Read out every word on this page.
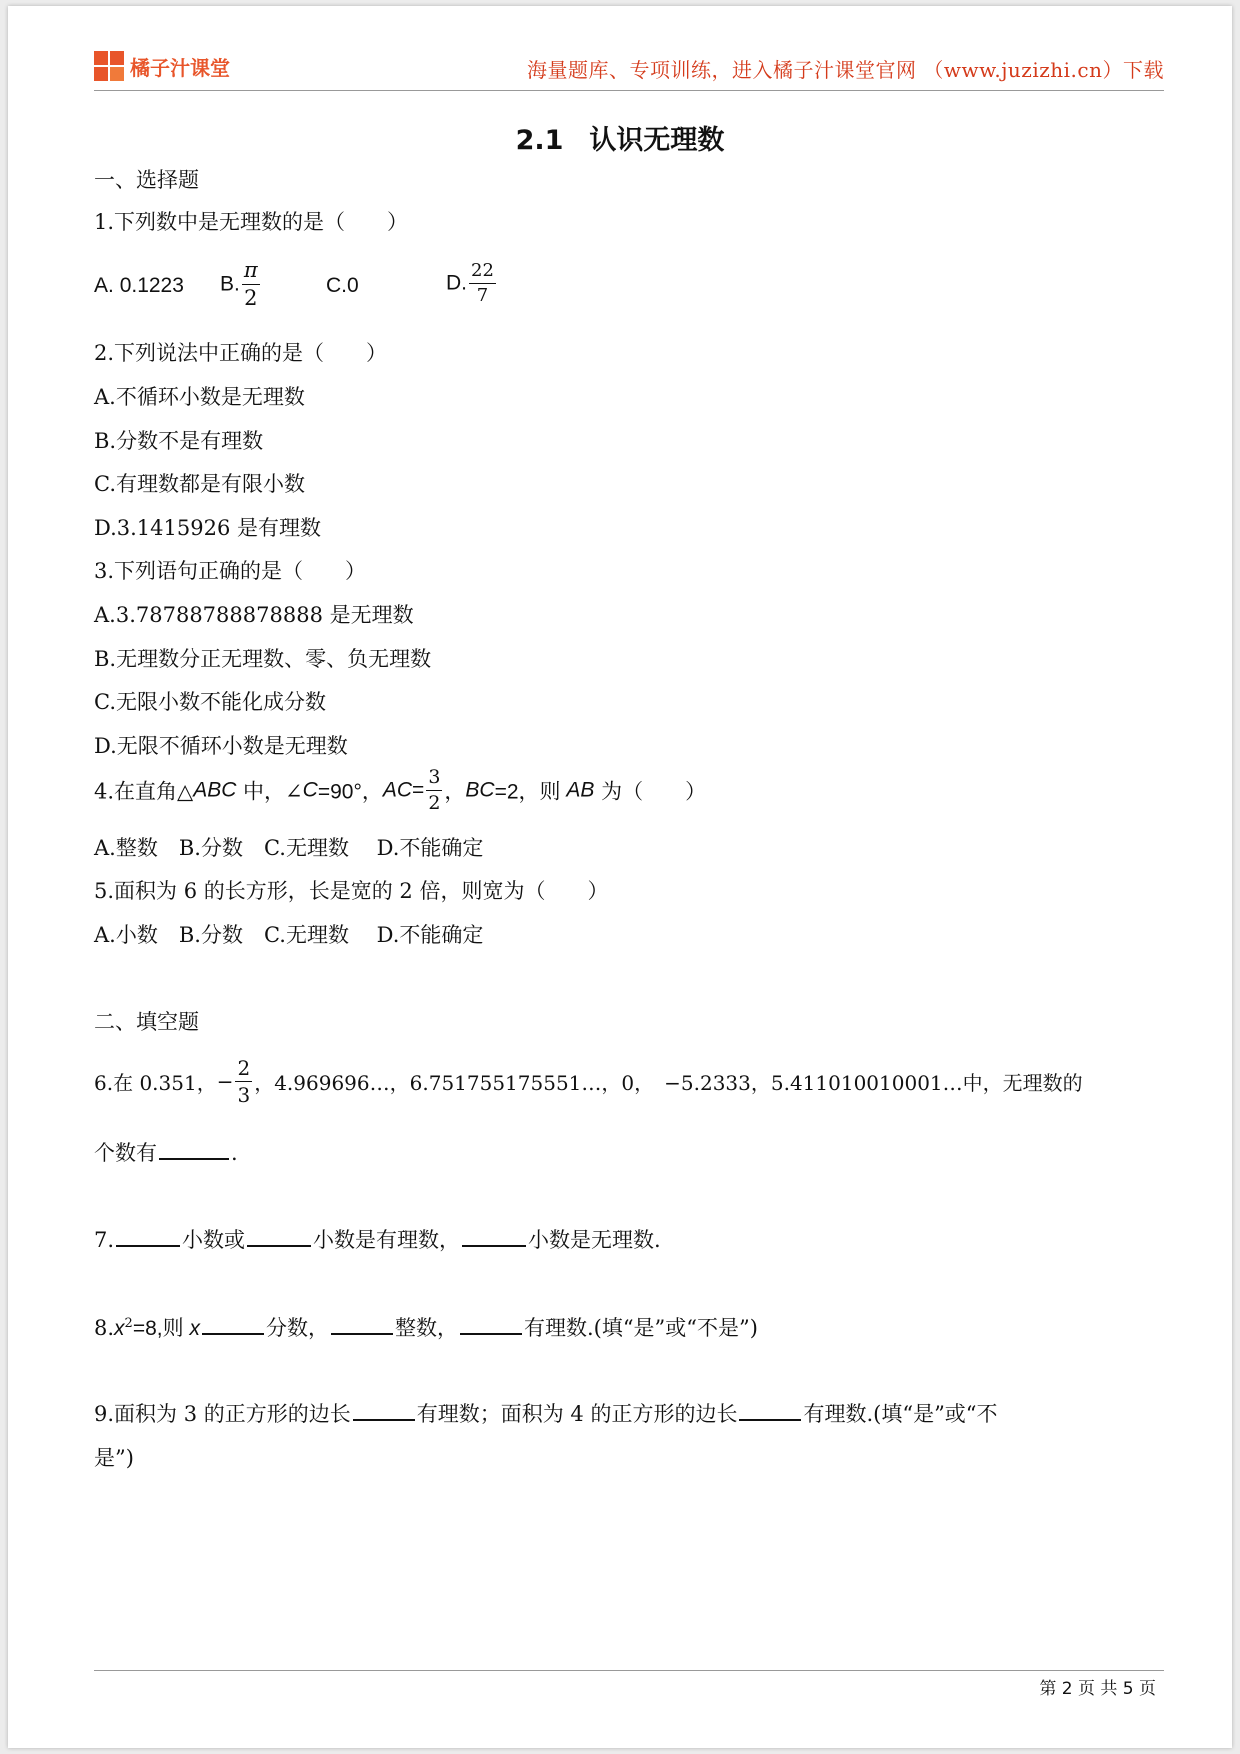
橘子汁课堂	海量题库、专项训练，进入橘子汁课堂官网 （www.juzizhi.cn）下载
2.1 认识无理数
一、选择题
1.下列数中是无理数的是（　　）
A. 0.1223 B. $\frac{\pi}{2}$	C.0	D. $\frac{22}{7}$
2.下列说法中正确的是（　　）
A.不循环小数是无理数
B.分数不是有理数
C.有理数都是有限小数
D.3.1415926 是有理数
3.下列语句正确的是（　　）
A.3.78788788878888 是无理数
B.无理数分正无理数、零、负无理数
C.无限小数不能化成分数
D.无限不循环小数是无理数
4.在直角△ABC 中，∠C=90°，$AC= \frac{3}{2}$ ，BC=2，则 AB 为（　　）
A.整数　B.分数　C.无理数　 D.不能确定
5.面积为 6 的长方形，长是宽的 2 倍，则宽为（　　）
A.小数　B.分数　C.无理数　 D.不能确定
二、填空题
6.在 0.351，− $\frac{2}{3}$ ，4.969696…，6.751755175551…，0，　−5.2333，5.411010010001…中，无理数的
个数有	.
7.	小数或	小数是有理数，	小数是无理数.
$8.x^2=8$,则 x	分数，	整数，	有理数.(填“是”或“不是”)
9.面积为 3 的正方形的边长	有理数；面积为 4 的正方形的边长	有理数.(填“是”或“不
是”)
第 2 页 共 5 页
